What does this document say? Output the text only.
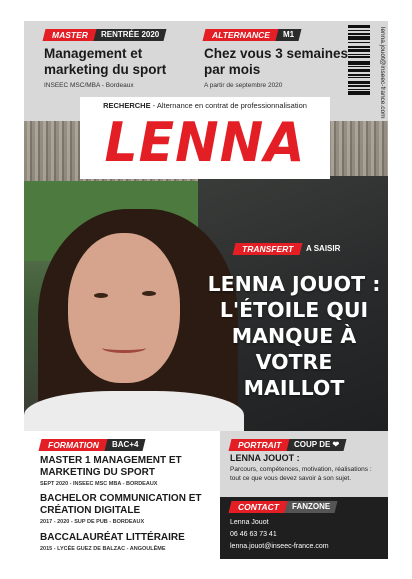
MASTER	RENTRÉE 2020
Management et marketing du sport
INSEEC MSC/MBA - Bordeaux
ALTERNANCE	M1
Chez vous 3 semaines par mois
A partir de septembre 2020	lenna.jouot@inseec-france.com
RECHERCHE - Alternance en contrat de professionnalisation
LENNA
TRANSFERT	A SAISIR
LENNA JOUOT : L'ÉTOILE QUI MANQUE À VOTRE MAILLOT
FORMATION	BAC+4
MASTER 1 MANAGEMENT ET MARKETING DU SPORT
SEPT 2020 - INSEEC MSC MBA - BORDEAUX
BACHELOR COMMUNICATION ET CRÉATION DIGITALE
2017 - 2020 - SUP DE PUB - BORDEAUX
BACCALAURÉAT LITTÉRAIRE
2015 - LYCÉE GUEZ DE BALZAC - ANGOULÊME
PORTRAIT	COUP DE ❤
LENNA JOUOT :
Parcours, compétences, motivation, réalisations : tout ce que vous devez savoir à son sujet.
CONTACT	FANZONE
Lenna Jouot
06 46 63 73 41
lenna.jouot@inseec-france.com
